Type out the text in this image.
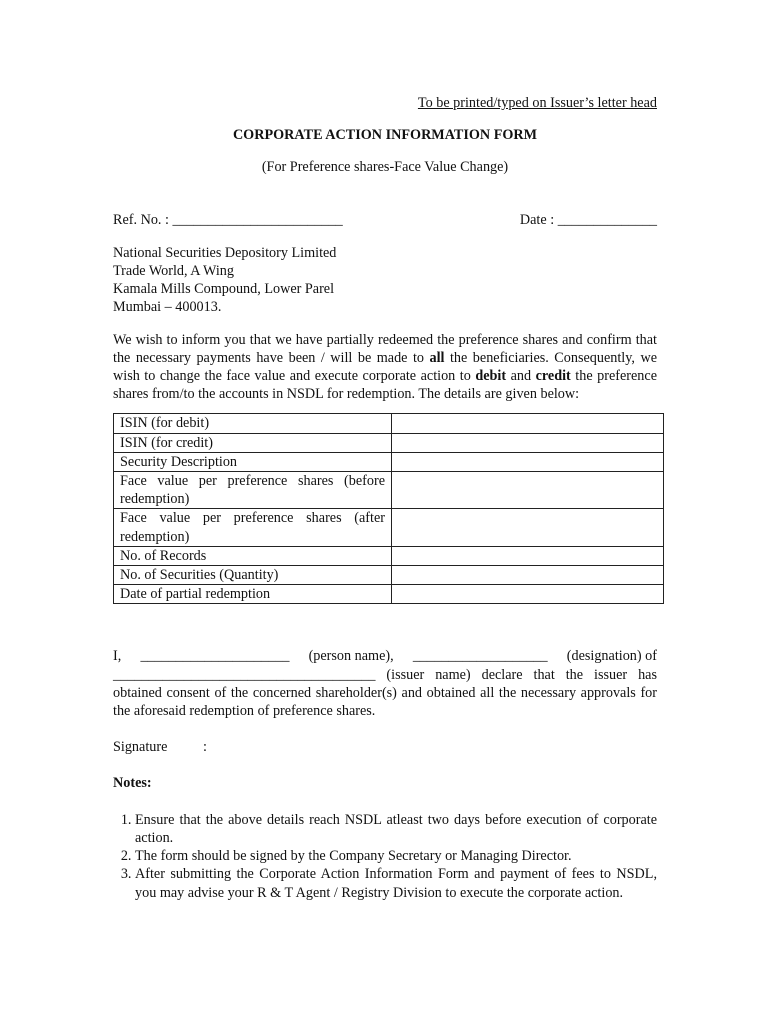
To be printed/typed on Issuer’s letter head

CORPORATE ACTION INFORMATION FORM

(For Preference shares-Face Value Change)

Ref. No. : ________________________	Date : ______________
National Securities Depository Limited
Trade World, A Wing
Kamala Mills Compound, Lower Parel
Mumbai – 400013.
We wish to inform you that we have partially redeemed the preference shares and confirm that the necessary payments have been / will be made to all the beneficiaries. Consequently, we wish to change the face value and execute corporate action to debit and credit the preference shares from/to the accounts in NSDL for redemption. The details are given below:
ISIN (for debit)	
ISIN (for credit)	
Security Description	
Face value per preference shares (before redemption)	
Face value per preference shares (after redemption)	
No. of Records	
No. of Securities (Quantity)	
Date of partial redemption	
I, _____________________ (person name), ___________________ (designation) of
_____________________________________ (issuer name) declare that the issuer has obtained consent of the concerned shareholder(s) and obtained all the necessary approvals for the aforesaid redemption of preference shares.
Signature	:
Notes:
1. Ensure that the above details reach NSDL atleast two days before execution of corporate action.
2. The form should be signed by the Company Secretary or Managing Director.
3. After submitting the Corporate Action Information Form and payment of fees to NSDL, you may advise your R & T Agent / Registry Division to execute the corporate action.
